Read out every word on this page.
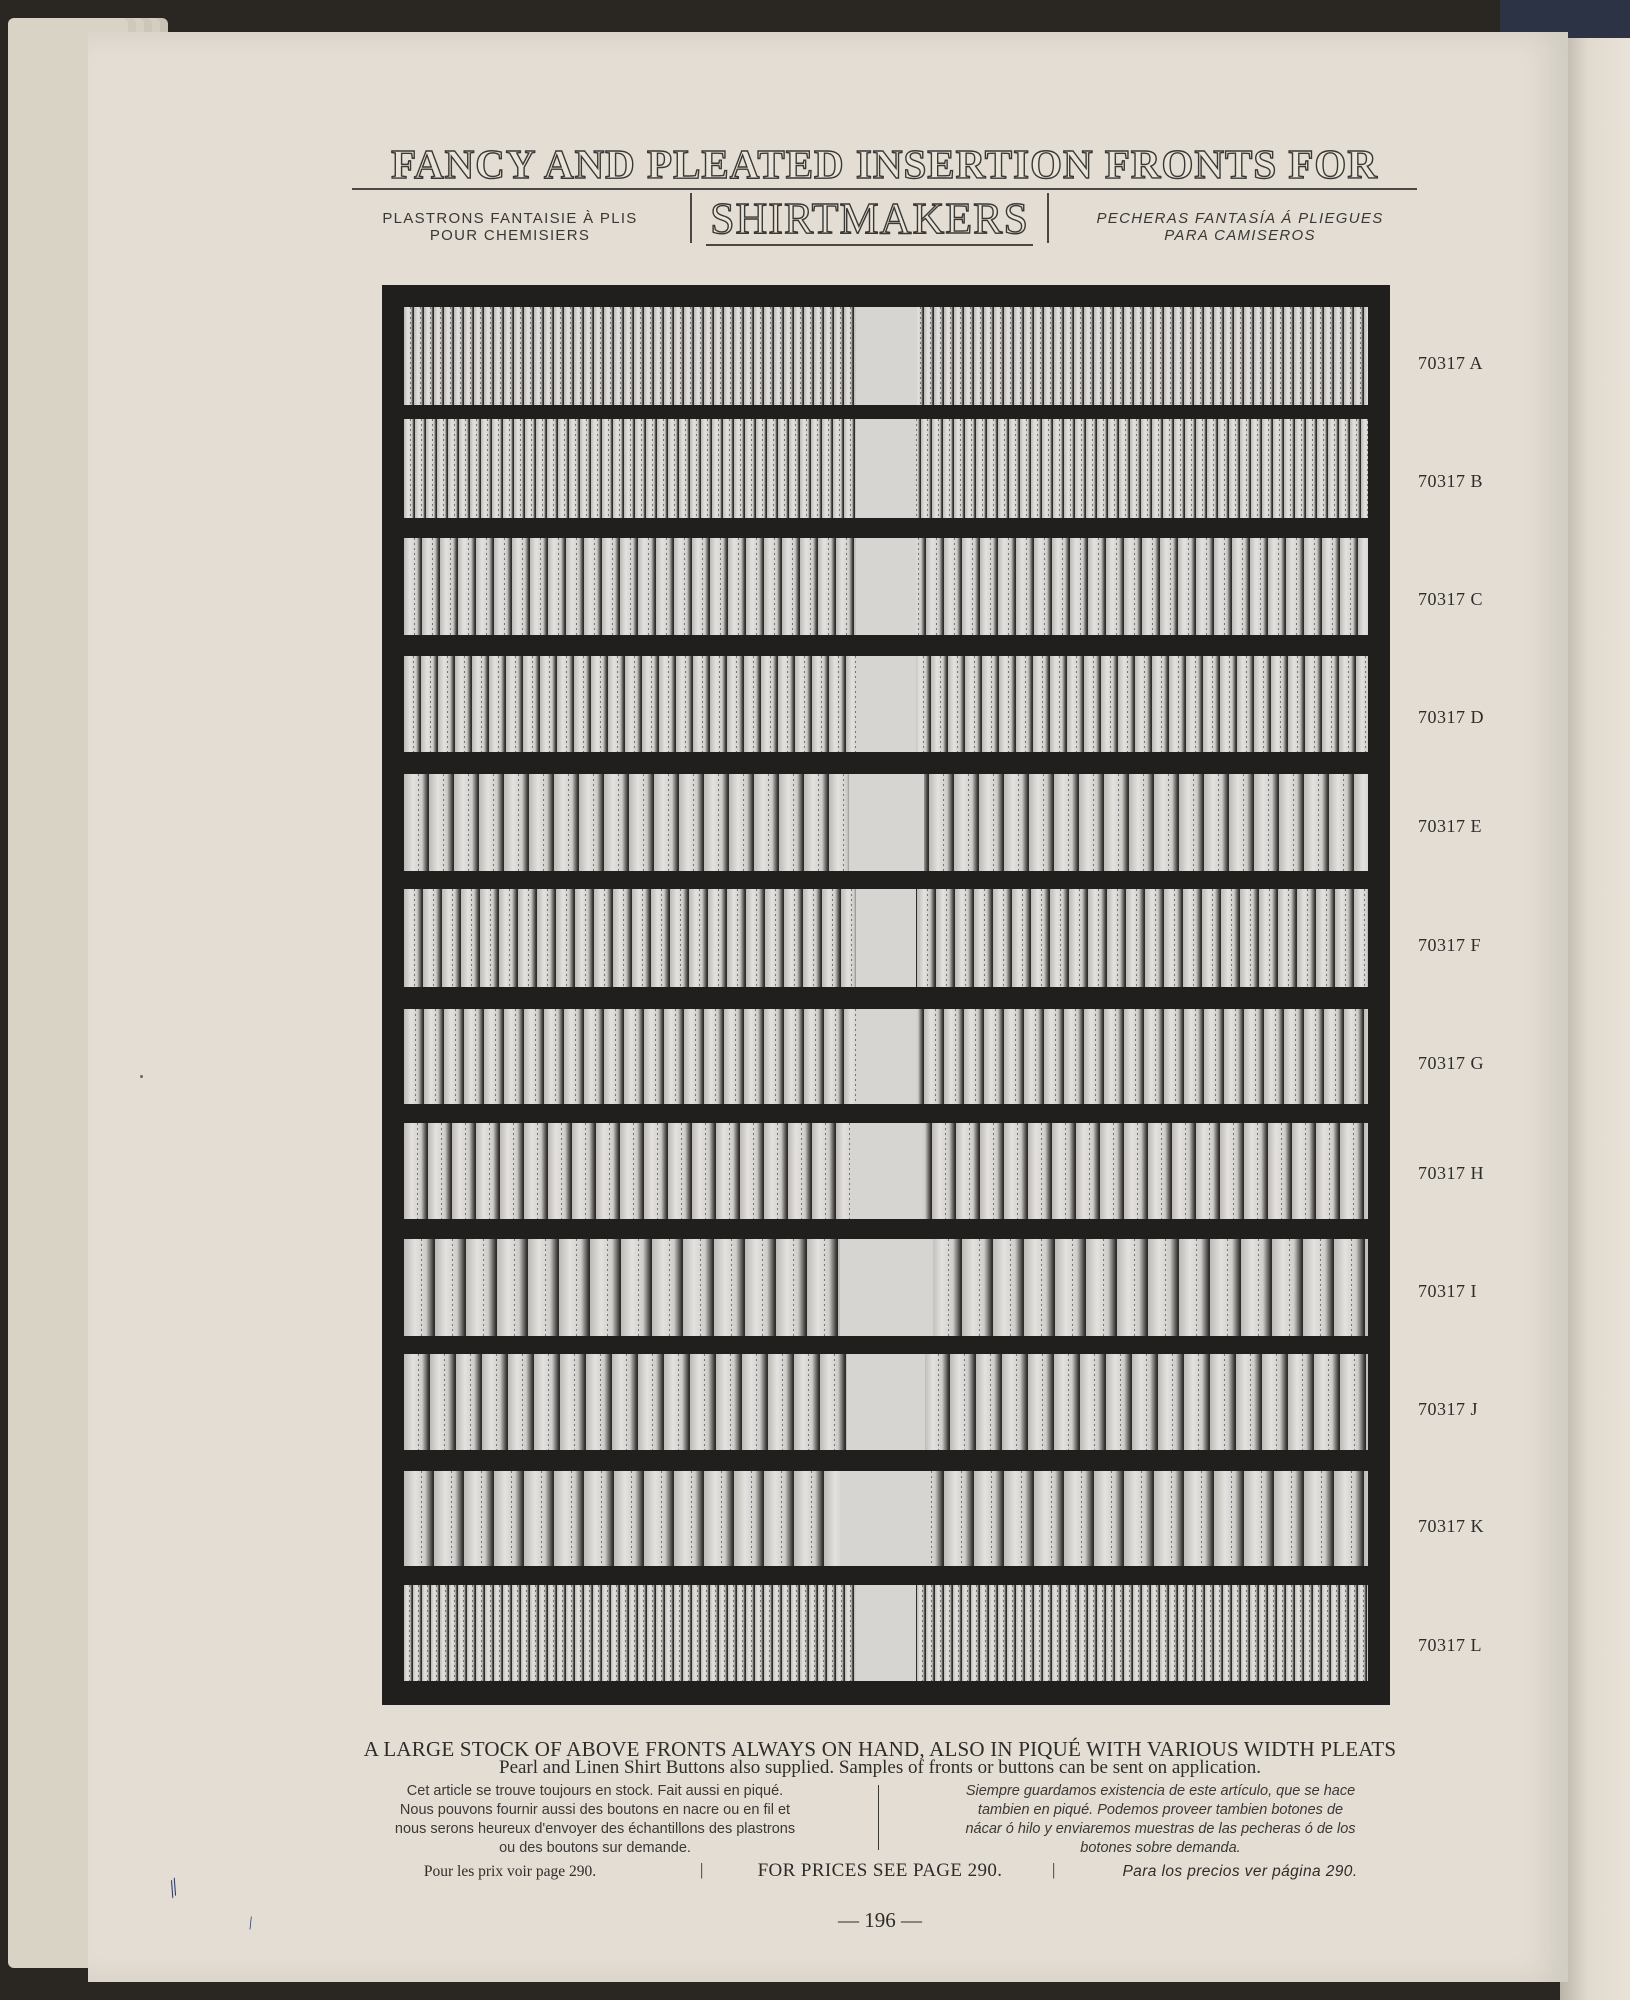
FANCY AND PLEATED INSERTION FRONTS FOR
PLASTRONS FANTAISIE À PLIS
POUR CHEMISIERS	SHIRTMAKERS	PECHERAS FANTASÍA Á PLIEGUES
PARA CAMISEROS
70317 A
70317 B
70317 C
70317 D
70317 E
70317 F
70317 G
70317 H
70317 I
70317 J
70317 K
70317 L
A LARGE STOCK OF ABOVE FRONTS ALWAYS ON HAND, ALSO IN PIQUÉ WITH VARIOUS WIDTH PLEATS
Pearl and Linen Shirt Buttons also supplied. Samples of fronts or buttons can be sent on application.
Cet article se trouve toujours en stock. Fait aussi en piqué.
Nous pouvons fournir aussi des boutons en nacre ou en fil et
nous serons heureux d'envoyer des échantillons des plastrons
ou des boutons sur demande.
Siempre guardamos existencia de este artículo, que se hace
tambien en piqué. Podemos proveer tambien botones de
nácar ó hilo y enviaremos muestras de las pecheras ó de los
botones sobre demanda.
Pour les prix voir page 290.	|	FOR PRICES SEE PAGE 290.	|	Para los precios ver página 290.
— 196 —
⁄⁄
⁄
